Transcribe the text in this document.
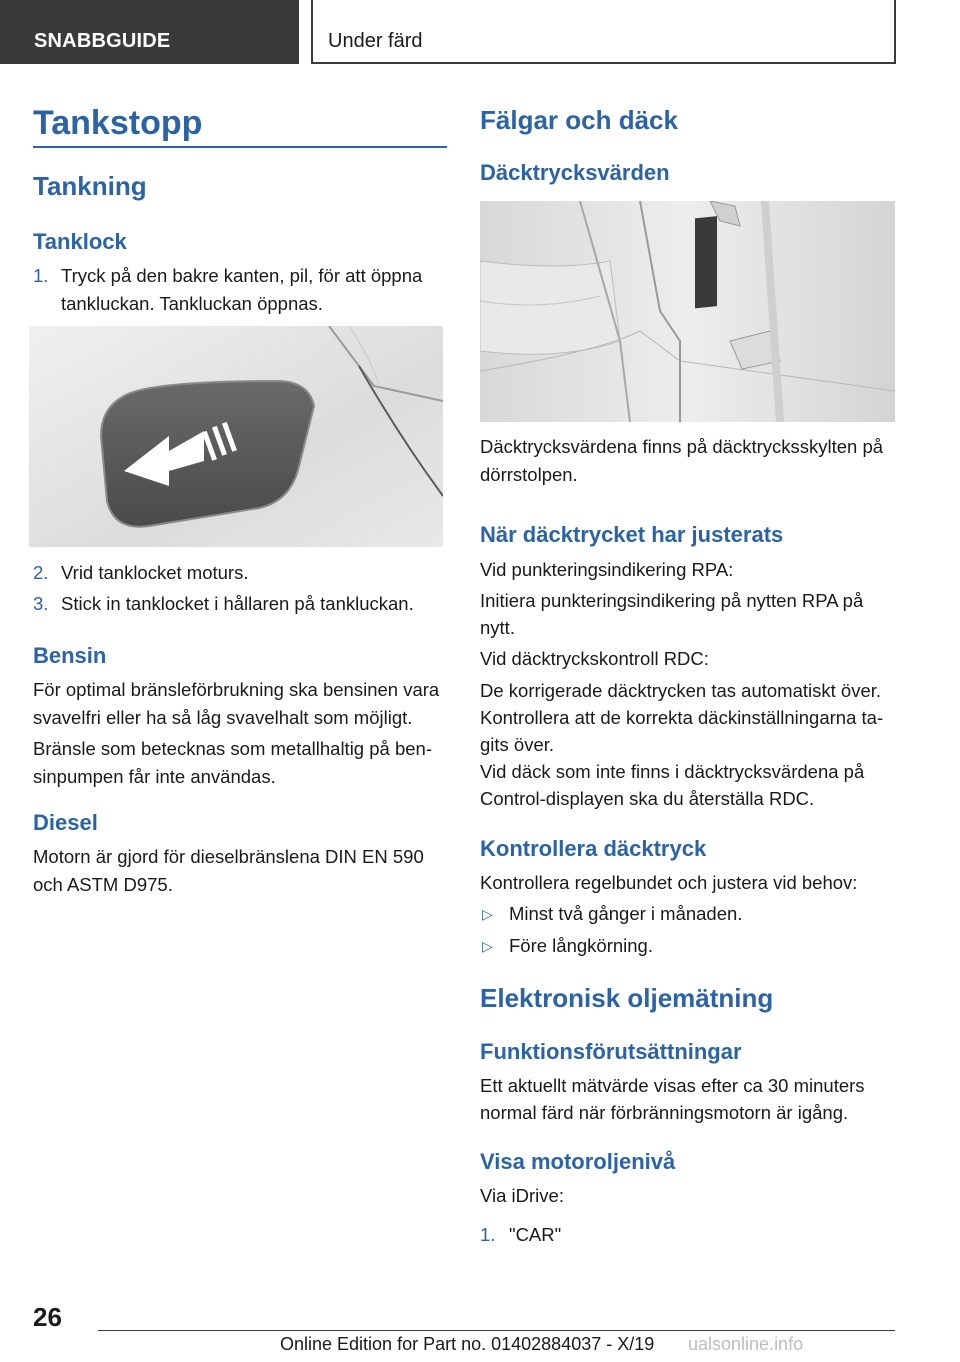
SNABBGUIDE	Under färd
Tankstopp
Tankning
Tanklock
1. Tryck på den bakre kanten, pil, för att öppna
tankluckan. Tankluckan öppnas.
2. Vrid tanklocket moturs.
3. Stick in tanklocket i hållaren på tankluckan.
Bensin
För optimal bränsleförbrukning ska bensinen vara
svavelfri eller ha så låg svavelhalt som möjligt.
Bränsle som betecknas som metallhaltig på ben-
sinpumpen får inte användas.
Diesel
Motorn är gjord för dieselbränslena DIN EN 590
och ASTM D975.
Fälgar och däck
Däcktrycksvärden
Däcktrycksvärdena finns på däcktrycksskylten på
dörrstolpen.
När däcktrycket har justerats
Vid punkteringsindikering RPA:
Initiera punkteringsindikering på nytten RPA på
nytt.
Vid däcktryckskontroll RDC:
De korrigerade däcktrycken tas automatiskt över.
Kontrollera att de korrekta däckinställningarna ta-
gits över.
Vid däck som inte finns i däcktrycksvärdena på
Control-displayen ska du återställa RDC.
Kontrollera däcktryck
Kontrollera regelbundet och justera vid behov:
▷ Minst två gånger i månaden.
▷ Före långkörning.
Elektronisk oljemätning
Funktionsförutsättningar
Ett aktuellt mätvärde visas efter ca 30 minuters
normal färd när förbränningsmotorn är igång.
Visa motoroljenivå
Via iDrive:
1. "CAR"
26
Online Edition for Part no. 01402884037 - X/19 ualsonline.info
